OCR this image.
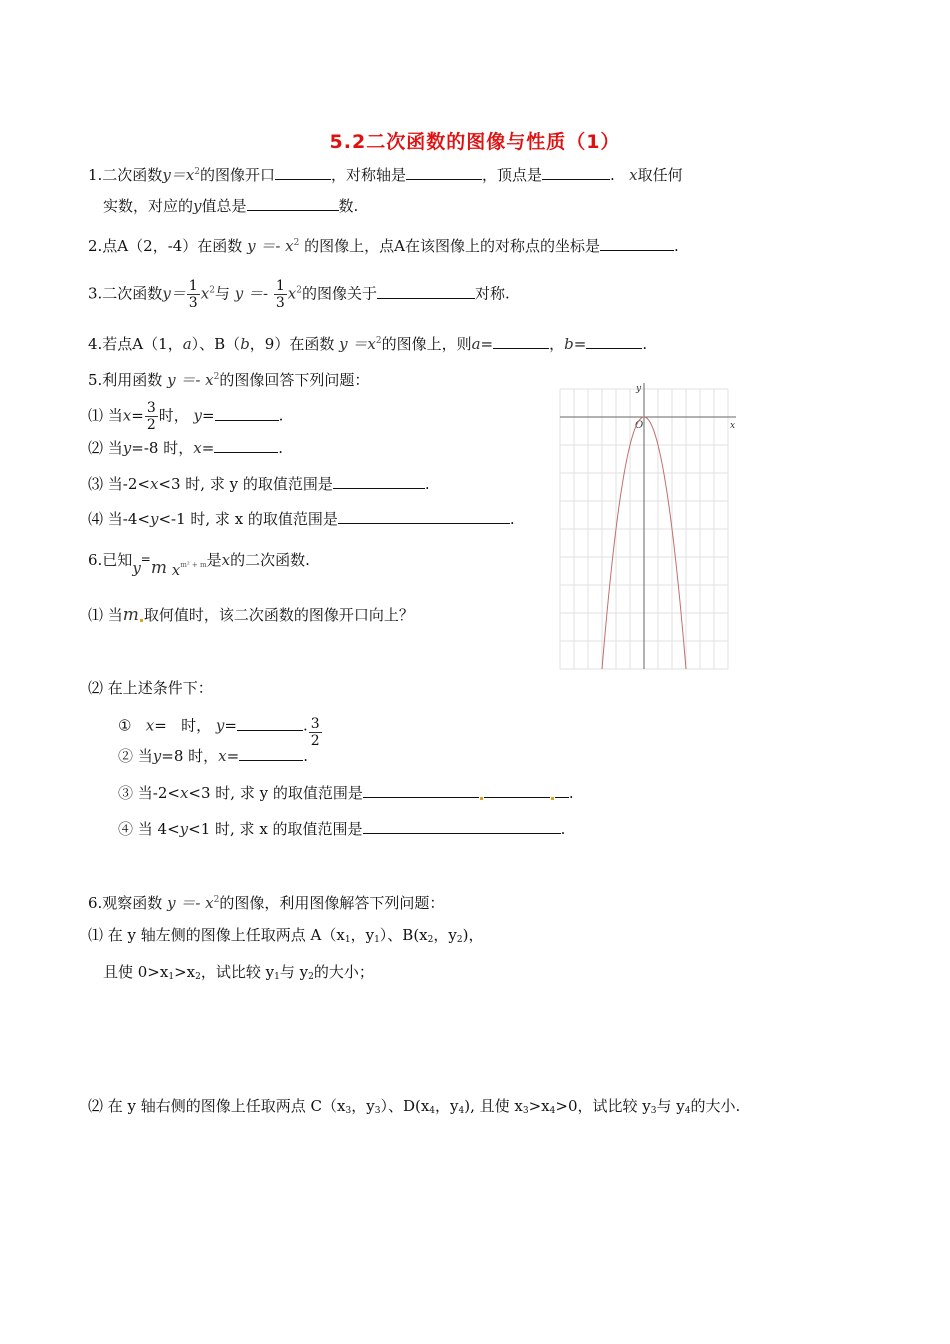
5.2二次函数的图像与性质（1）
1.二次函数$y=x^2$的图像开口	，对称轴是	，顶点是	. x取任何
实数，对应的y值总是	数.
2.点A（2，-4）在函数 $y =- x^2$ 的图像上，点A在该图像上的对称点的坐标是	.
3.二次函数$y= \frac{1}{3} x^2$与 $y =- \frac{1}{3} x^2$的图像关于	对称.
4.若点A（1，a）、B（b，9）在函数 $y =x^2$的图像上，则a=	，b=	.
5.利用函数 $y =- x^2$的图像回答下列问题：
⑴ 当$x= \frac{3}{2}$ 时， y=	.
⑵ 当y=-8 时，x=	.
⑶ 当-2<x<3 时, 求 y 的取值范围是	.
⑷ 当-4<y<-1 时, 求 x 的取值范围是	.
6.已知y=m xm² + m是x的二次函数.
⑴ 当m 取何值时，该二次函数的图像开口向上？
⑵ 在上述条件下：
① x= 时， y=	. $\frac{3}{2}$
② 当y=8 时，x=	.
③ 当-2<x<3 时, 求 y 的取值范围是	.
④ 当 4<y<1 时, 求 x 的取值范围是	.
6.观察函数 $y =- x^2$的图像，利用图像解答下列问题：
⑴ 在 y 轴左侧的图像上任取两点 $A(x_1$，$y_1$）、$B(x_2$，$y_2$)，
且使 $0>x_1>x_2$，试比较 $y_1$与 $y_2$的大小；
⑵ 在 y 轴右侧的图像上任取两点 $C(x_3$，$y_3$）、$D(x_4$，$y_4$), 且使 $x_3>x_4>0$，试比较 $y_3$与 $y_4$的大小.
y
x
O
